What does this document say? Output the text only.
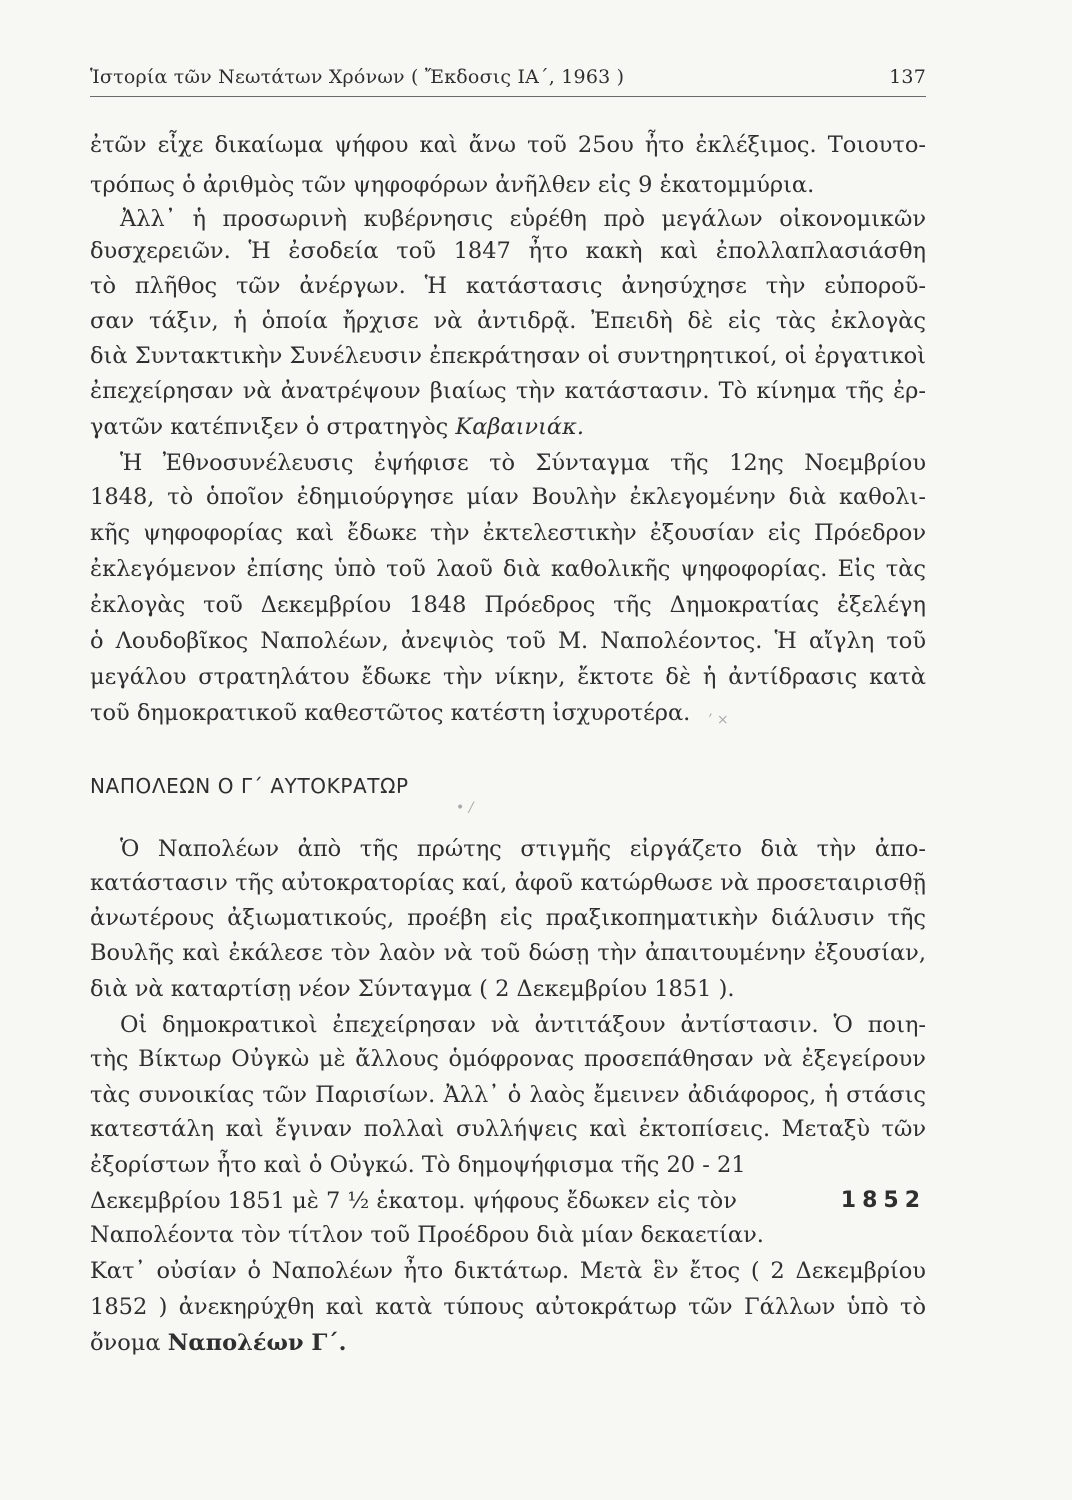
Ἱστορία τῶν Νεωτάτων Χρόνων ( Ἔκδοσις ΙΑ΄, 1963 )	137
ἐτῶν εἶχε δικαίωμα ψήφου καὶ ἄνω τοῦ 25ου ἦτο ἐκλέξιμος. Τοιουτο-
τρόπως ὁ ἀριθμὸς τῶν ψηφοφόρων ἀνῆλθεν εἰς 9 ἑκατομμύρια.
Ἀλλ᾽ ἡ προσωρινὴ κυβέρνησις εὑρέθη πρὸ μεγάλων οἰκονομικῶν
δυσχερειῶν. Ἡ ἐσοδεία τοῦ 1847 ἦτο κακὴ καὶ ἐπολλαπλασιάσθη
τὸ πλῆθος τῶν ἀνέργων. Ἡ κατάστασις ἀνησύχησε τὴν εὐποροῦ-
σαν τάξιν, ἡ ὁποία ἤρχισε νὰ ἀντιδρᾷ. Ἐπειδὴ δὲ εἰς τὰς ἐκλογὰς
διὰ Συντακτικὴν Συνέλευσιν ἐπεκράτησαν οἱ συντηρητικοί, οἱ ἐργατικοὶ
ἐπεχείρησαν νὰ ἀνατρέψουν βιαίως τὴν κατάστασιν. Τὸ κίνημα τῆς ἐρ-
γατῶν κατέπνιξεν ὁ στρατηγὸς Καβαινιάκ.
Ἡ Ἐθνοσυνέλευσις ἐψήφισε τὸ Σύνταγμα τῆς 12ης Νοεμβρίου
1848, τὸ ὁποῖον ἐδημιούργησε μίαν Βουλὴν ἐκλεγομένην διὰ καθολι-
κῆς ψηφοφορίας καὶ ἔδωκε τὴν ἐκτελεστικὴν ἐξουσίαν εἰς Πρόεδρον
ἐκλεγόμενον ἐπίσης ὑπὸ τοῦ λαοῦ διὰ καθολικῆς ψηφοφορίας. Εἰς τὰς
ἐκλογὰς τοῦ Δεκεμβρίου 1848 Πρόεδρος τῆς Δημοκρατίας ἐξελέγη
ὁ Λουδοβῖκος Ναπολέων, ἀνεψιὸς τοῦ Μ. Ναπολέοντος. Ἡ αἴγλη τοῦ
μεγάλου στρατηλάτου ἔδωκε τὴν νίκην, ἔκτοτε δὲ ἡ ἀντίδρασις κατὰ
τοῦ δημοκρατικοῦ καθεστῶτος κατέστη ἰσχυροτέρα.	’ ×
ΝΑΠΟΛΕΩΝ Ο Γ΄ ΑΥΤΟΚΡΑΤΩΡ
• /
Ὁ Ναπολέων ἀπὸ τῆς πρώτης στιγμῆς εἰργάζετο διὰ τὴν ἀπο-
κατάστασιν τῆς αὐτοκρατορίας καί, ἀφοῦ κατώρθωσε νὰ προσεταιρισθῇ
ἀνωτέρους ἀξιωματικούς, προέβη εἰς πραξικοπηματικὴν διάλυσιν τῆς
Βουλῆς καὶ ἐκάλεσε τὸν λαὸν νὰ τοῦ δώσῃ τὴν ἀπαιτουμένην ἐξουσίαν,
διὰ νὰ καταρτίσῃ νέον Σύνταγμα ( 2 Δεκεμβρίου 1851 ).
Οἱ δημοκρατικοὶ ἐπεχείρησαν νὰ ἀντιτάξουν ἀντίστασιν. Ὁ ποιη-
τὴς Βίκτωρ Οὐγκὼ μὲ ἄλλους ὁμόφρονας προσεπάθησαν νὰ ἐξεγείρουν
τὰς συνοικίας τῶν Παρισίων. Ἀλλ᾽ ὁ λαὸς ἔμεινεν ἀδιάφορος, ἡ στάσις
κατεστάλη καὶ ἔγιναν πολλαὶ συλλήψεις καὶ ἐκτοπίσεις. Μεταξὺ τῶν
ἐξορίστων ἦτο καὶ ὁ Οὐγκώ. Τὸ δημοψήφισμα τῆς 20 - 21
Δεκεμβρίου 1851 μὲ 7 ½ ἑκατομ. ψήφους ἔδωκεν εἰς τὸν	1852
Ναπολέοντα τὸν τίτλον τοῦ Προέδρου διὰ μίαν δεκαετίαν.
Κατ᾽ οὐσίαν ὁ Ναπολέων ἦτο δικτάτωρ. Μετὰ ἓν ἔτος ( 2 Δεκεμβρίου
1852 ) ἀνεκηρύχθη καὶ κατὰ τύπους αὐτοκράτωρ τῶν Γάλλων ὑπὸ τὸ
ὄνομα Ναπολέων Γ΄.
